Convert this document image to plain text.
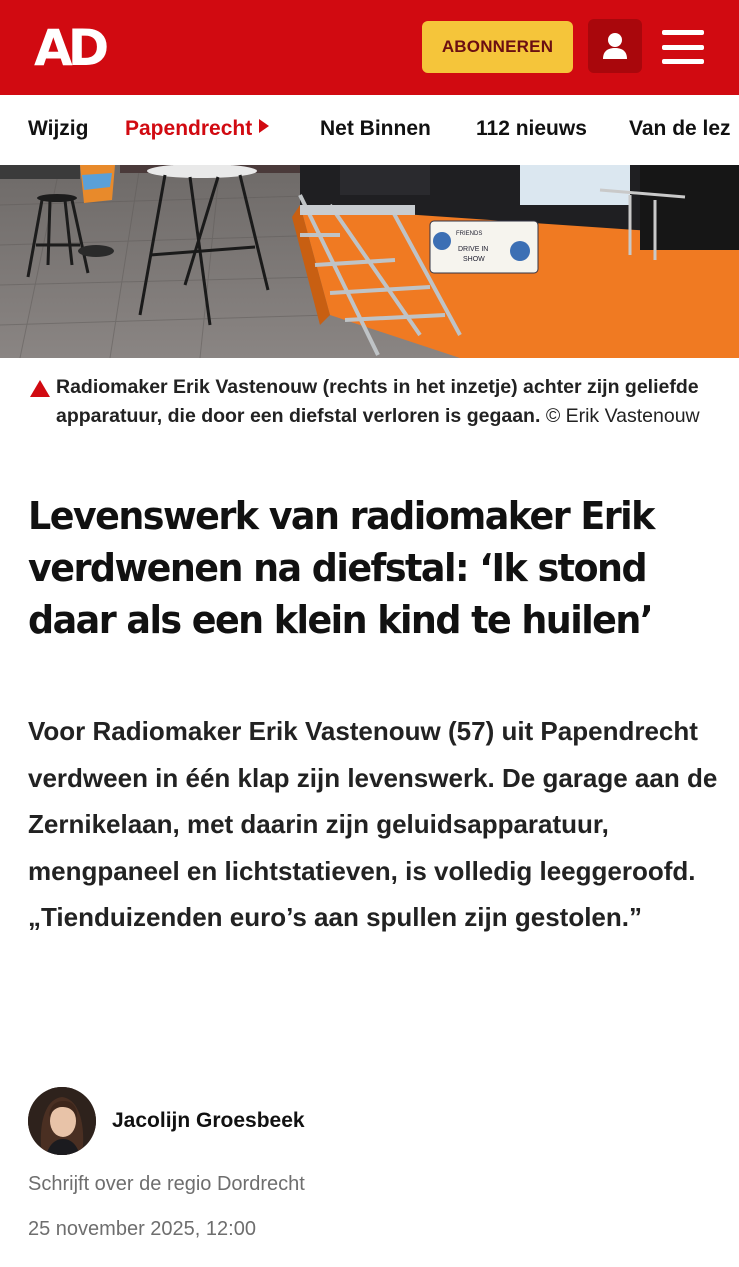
AD	ABONNEREN
Wijzig Papendrecht	Net Binnen 112 nieuws Van de lez
FRIENDS
DRIVE IN
SHOW
Radiomaker Erik Vastenouw (rechts in het inzetje) achter zijn geliefde apparatuur, die door een diefstal verloren is gegaan. © Erik Vastenouw
Levenswerk van radiomaker Erik verdwenen na diefstal: ‘Ik stond daar als een klein kind te huilen’

Voor Radiomaker Erik Vastenouw (57) uit Papendrecht verdween in één klap zijn levenswerk. De garage aan de Zernikelaan, met daarin zijn geluidsapparatuur, mengpaneel en lichtstatieven, is volledig leeggeroofd. „Tienduizenden euro’s aan spullen zijn gestolen.”

Jacolijn Groesbeek
Schrijft over de regio Dordrecht
25 november 2025, 12:00
